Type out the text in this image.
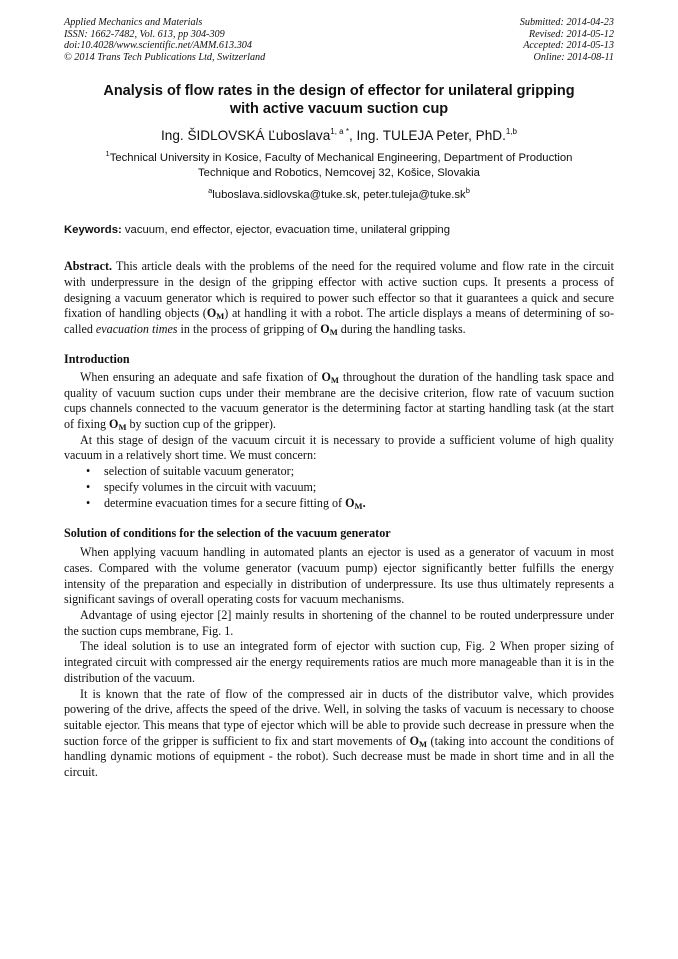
Applied Mechanics and Materials
ISSN: 1662-7482, Vol. 613, pp 304-309
doi:10.4028/www.scientific.net/AMM.613.304
© 2014 Trans Tech Publications Ltd, Switzerland
Submitted: 2014-04-23
Revised: 2014-05-12
Accepted: 2014-05-13
Online: 2014-08-11
Analysis of flow rates in the design of effector for unilateral gripping
with active vacuum suction cup
Ing. ŠIDLOVSKÁ Ľuboslava$^{1, a *}$, Ing. TULEJA Peter, PhD.$^{1,b}$
$^1$Technical University in Kosice, Faculty of Mechanical Engineering, Department of Production
Technique and Robotics, Nemcovej 32, Košice, Slovakia
$^a$luboslava.sidlovska@tuke.sk, $peter.tuleja@tuke.sk^b$
Keywords: vacuum, end effector, ejector, evacuation time, unilateral gripping

Abstract. This article deals with the problems of the need for the required volume and flow rate in the circuit with underpressure in the design of the gripping effector with active suction cups. It presents a process of designing a vacuum generator which is required to power such effector so that it guarantees a quick and secure fixation of handling objects $(O_M)$ at handling it with a robot. The article displays a means of determining of so-called evacuation times in the process of gripping of $O_M$ during the handling tasks.

Introduction

When ensuring an adequate and safe fixation of $O_M$ throughout the duration of the handling task space and quality of vacuum suction cups under their membrane are the decisive criterion, flow rate of vacuum suction cups channels connected to the vacuum generator is the determining factor at starting handling task (at the start of fixing $O_M$ by suction cup of the gripper).

At this stage of design of the vacuum circuit it is necessary to provide a sufficient volume of high quality vacuum in a relatively short time. We must concern:

• selection of suitable vacuum generator;
• specify volumes in the circuit with vacuum;
• determine evacuation times for a secure fitting of $O_M$.
Solution of conditions for the selection of the vacuum generator

When applying vacuum handling in automated plants an ejector is used as a generator of vacuum in most cases. Compared with the volume generator (vacuum pump) ejector significantly better fulfills the energy intensity of the preparation and especially in distribution of underpressure. Its use thus ultimately represents a significant savings of overall operating costs for vacuum mechanisms.

Advantage of using ejector [2] mainly results in shortening of the channel to be routed underpressure under the suction cups membrane, Fig. 1.

The ideal solution is to use an integrated form of ejector with suction cup, Fig. 2 When proper sizing of integrated circuit with compressed air the energy requirements ratios are much more manageable than it is in the distribution of the vacuum.

It is known that the rate of flow of the compressed air in ducts of the distributor valve, which provides powering of the drive, affects the speed of the drive. Well, in solving the tasks of vacuum is necessary to choose suitable ejector. This means that type of ejector which will be able to provide such decrease in pressure when the suction force of the gripper is sufficient to fix and start movements of $O_M$ (taking into account the conditions of handling dynamic motions of equipment - the robot). Such decrease must be made in short time and in all the circuit.
